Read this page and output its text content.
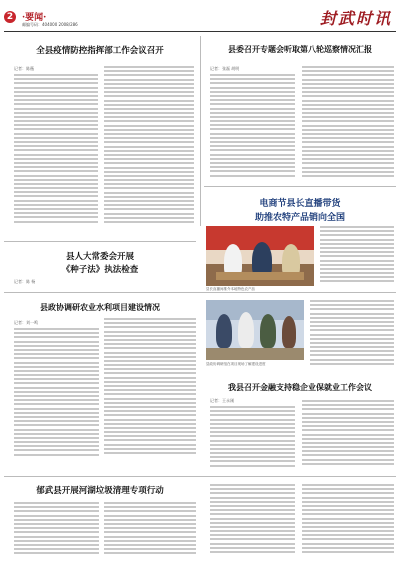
2 ·要闻·
邮编号码：404000 2008/286	封武时讯
全县疫情防控指挥部工作会议召开
记者：陈薇
县委召开专题会听取第八轮巡察情况汇报
记者：张磊 胡明
电商节县长直播带货
助推农特产品销向全国
县长直播间推介本地特色农产品
县人大常委会开展
《种子法》执法检查
记者：陈 杨
县政协调研农业水利项目建设情况
记者：刘一鸣
县政协调研组在项目现场了解建设进度
我县召开金融支持稳企业保就业工作会议
记者：王永刚
郁武县开展河湖垃圾清理专项行动
